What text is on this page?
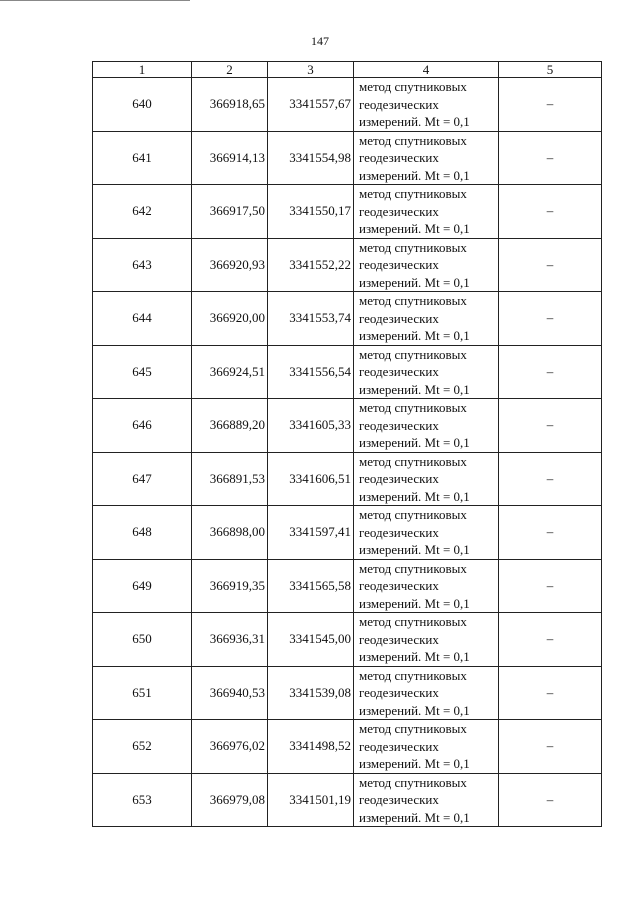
147
1	2	3	4	5
640	366918,65	3341557,67	метод спутниковых
геодезических
измерений. Mt = 0,1	–
641	366914,13	3341554,98	метод спутниковых
геодезических
измерений. Mt = 0,1	–
642	366917,50	3341550,17	метод спутниковых
геодезических
измерений. Mt = 0,1	–
643	366920,93	3341552,22	метод спутниковых
геодезических
измерений. Mt = 0,1	–
644	366920,00	3341553,74	метод спутниковых
геодезических
измерений. Mt = 0,1	–
645	366924,51	3341556,54	метод спутниковых
геодезических
измерений. Mt = 0,1	–
646	366889,20	3341605,33	метод спутниковых
геодезических
измерений. Mt = 0,1	–
647	366891,53	3341606,51	метод спутниковых
геодезических
измерений. Mt = 0,1	–
648	366898,00	3341597,41	метод спутниковых
геодезических
измерений. Mt = 0,1	–
649	366919,35	3341565,58	метод спутниковых
геодезических
измерений. Mt = 0,1	–
650	366936,31	3341545,00	метод спутниковых
геодезических
измерений. Mt = 0,1	–
651	366940,53	3341539,08	метод спутниковых
геодезических
измерений. Mt = 0,1	–
652	366976,02	3341498,52	метод спутниковых
геодезических
измерений. Mt = 0,1	–
653	366979,08	3341501,19	метод спутниковых
геодезических
измерений. Mt = 0,1	–
